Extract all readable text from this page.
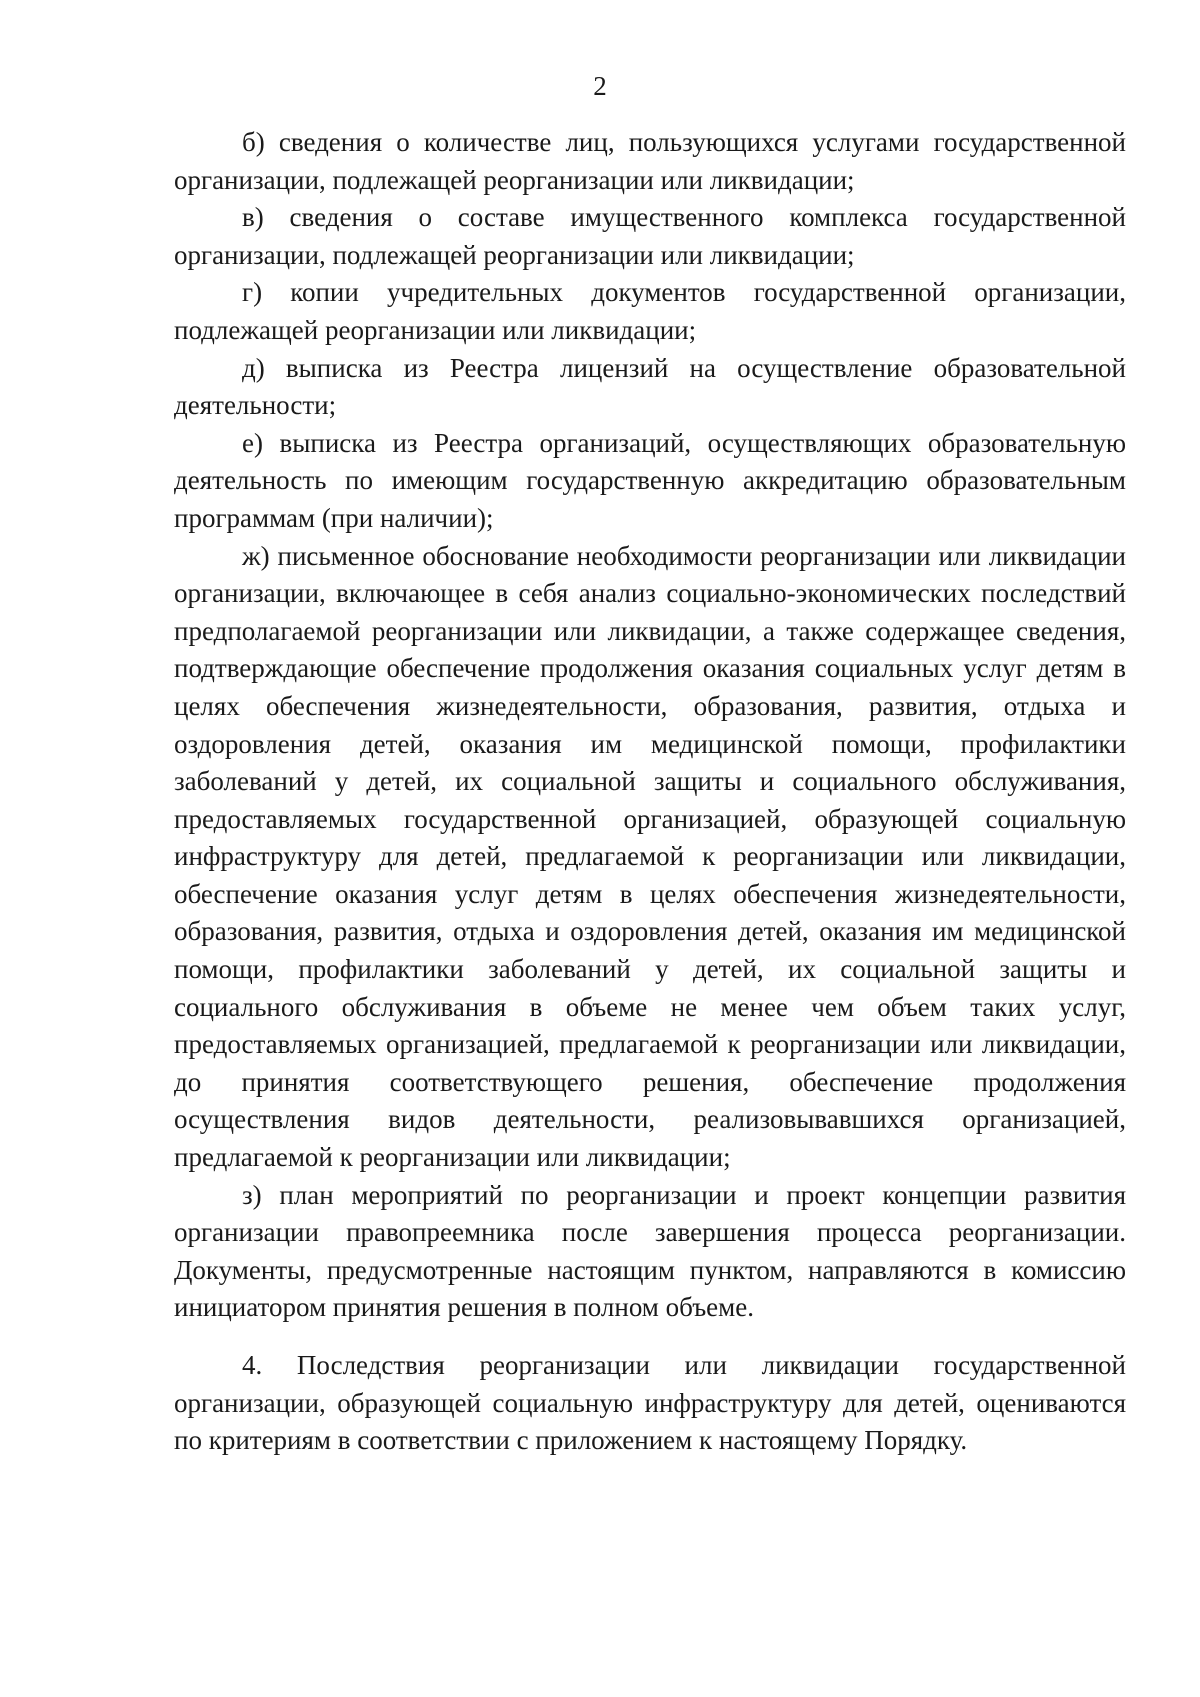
2

б) сведения о количестве лиц, пользующихся услугами государственной организации, подлежащей реорганизации или ликвидации;

в) сведения о составе имущественного комплекса государственной организации, подлежащей реорганизации или ликвидации;

г) копии учредительных документов государственной организации, подлежащей реорганизации или ликвидации;

д) выписка из Реестра лицензий на осуществление образовательной деятельности;

е) выписка из Реестра организаций, осуществляющих образовательную деятельность по имеющим государственную аккредитацию образовательным программам (при наличии);

ж) письменное обоснование необходимости реорганизации или ликвидации организации, включающее в себя анализ социально-экономических последствий предполагаемой реорганизации или ликвидации, а также содержащее сведения, подтверждающие обеспечение продолжения оказания социальных услуг детям в целях обеспечения жизнедеятельности, образования, развития, отдыха и оздоровления детей, оказания им медицинской помощи, профилактики заболеваний у детей, их социальной защиты и социального обслуживания, предоставляемых государственной организацией, образующей социальную инфраструктуру для детей, предлагаемой к реорганизации или ликвидации, обеспечение оказания услуг детям в целях обеспечения жизнедеятельности, образования, развития, отдыха и оздоровления детей, оказания им медицинской помощи, профилактики заболеваний у детей, их социальной защиты и социального обслуживания в объеме не менее чем объем таких услуг, предоставляемых организацией, предлагаемой к реорганизации или ликвидации, до принятия соответствующего решения, обеспечение продолжения осуществления видов деятельности, реализовывавшихся организацией, предлагаемой к реорганизации или ликвидации;

з) план мероприятий по реорганизации и проект концепции развития организации правопреемника после завершения процесса реорганизации. Документы, предусмотренные настоящим пунктом, направляются в комиссию инициатором принятия решения в полном объеме.

4. Последствия реорганизации или ликвидации государственной организации, образующей социальную инфраструктуру для детей, оцениваются по критериям в соответствии с приложением к настоящему Порядку.
